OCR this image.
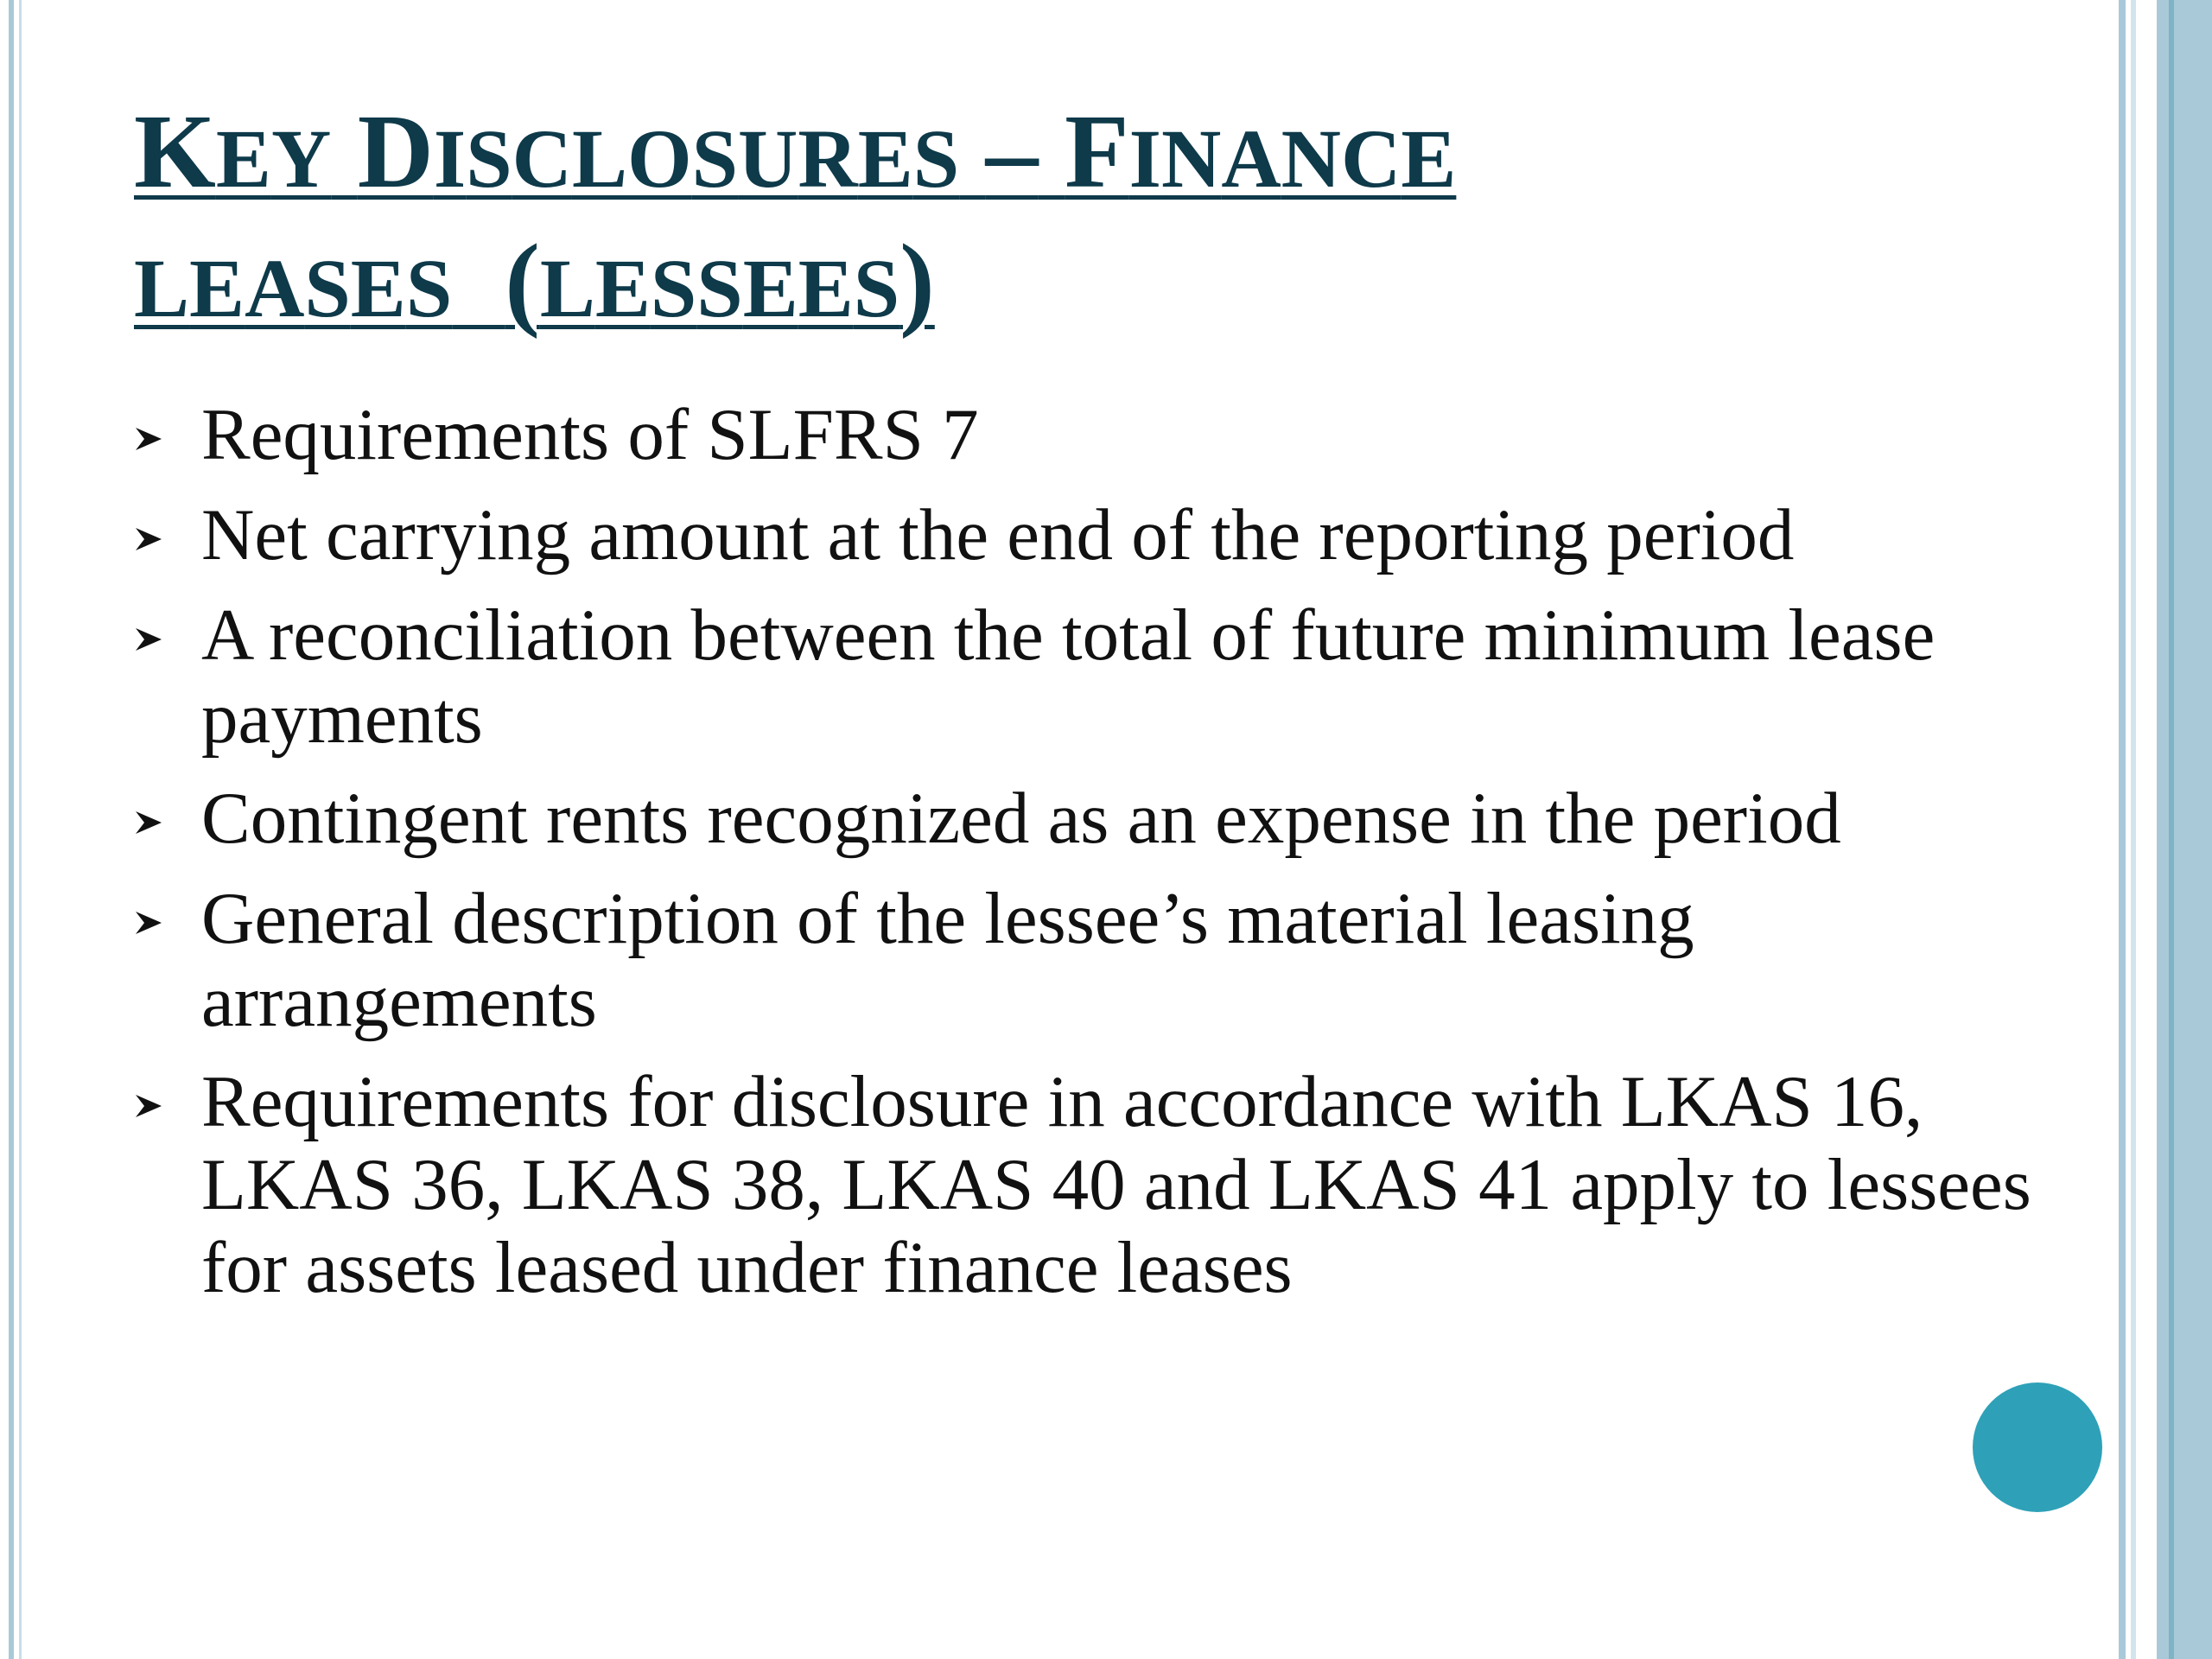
KEY DISCLOSURES – FINANCE
LEASES (LESSEES)
Requirements of SLFRS 7
Net carrying amount at the end of the reporting period
A reconciliation between the total of future minimum lease payments
Contingent rents recognized as an expense in the period
General description of the lessee’s material leasing arrangements
Requirements for disclosure in accordance with LKAS 16, LKAS 36, LKAS 38, LKAS 40 and LKAS 41 apply to lessees for assets leased under finance leases
